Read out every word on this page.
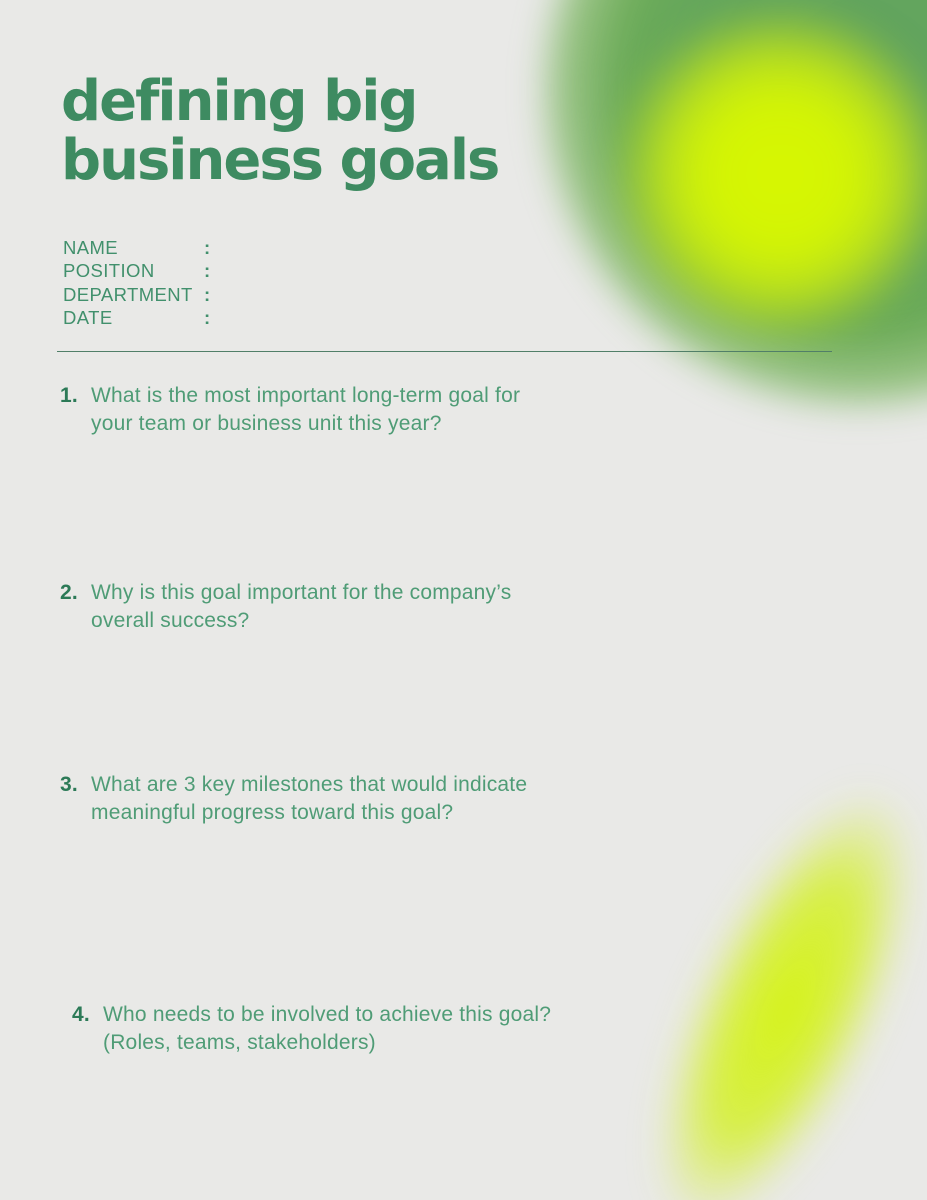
defining big
business goals
NAME	:
POSITION	:
DEPARTMENT :
DATE	:
1. What is the most important long-term goal for
your team or business unit this year?
2. Why is this goal important for the company’s
overall success?
3. What are 3 key milestones that would indicate
meaningful progress toward this goal?
4. Who needs to be involved to achieve this goal?
(Roles, teams, stakeholders)
